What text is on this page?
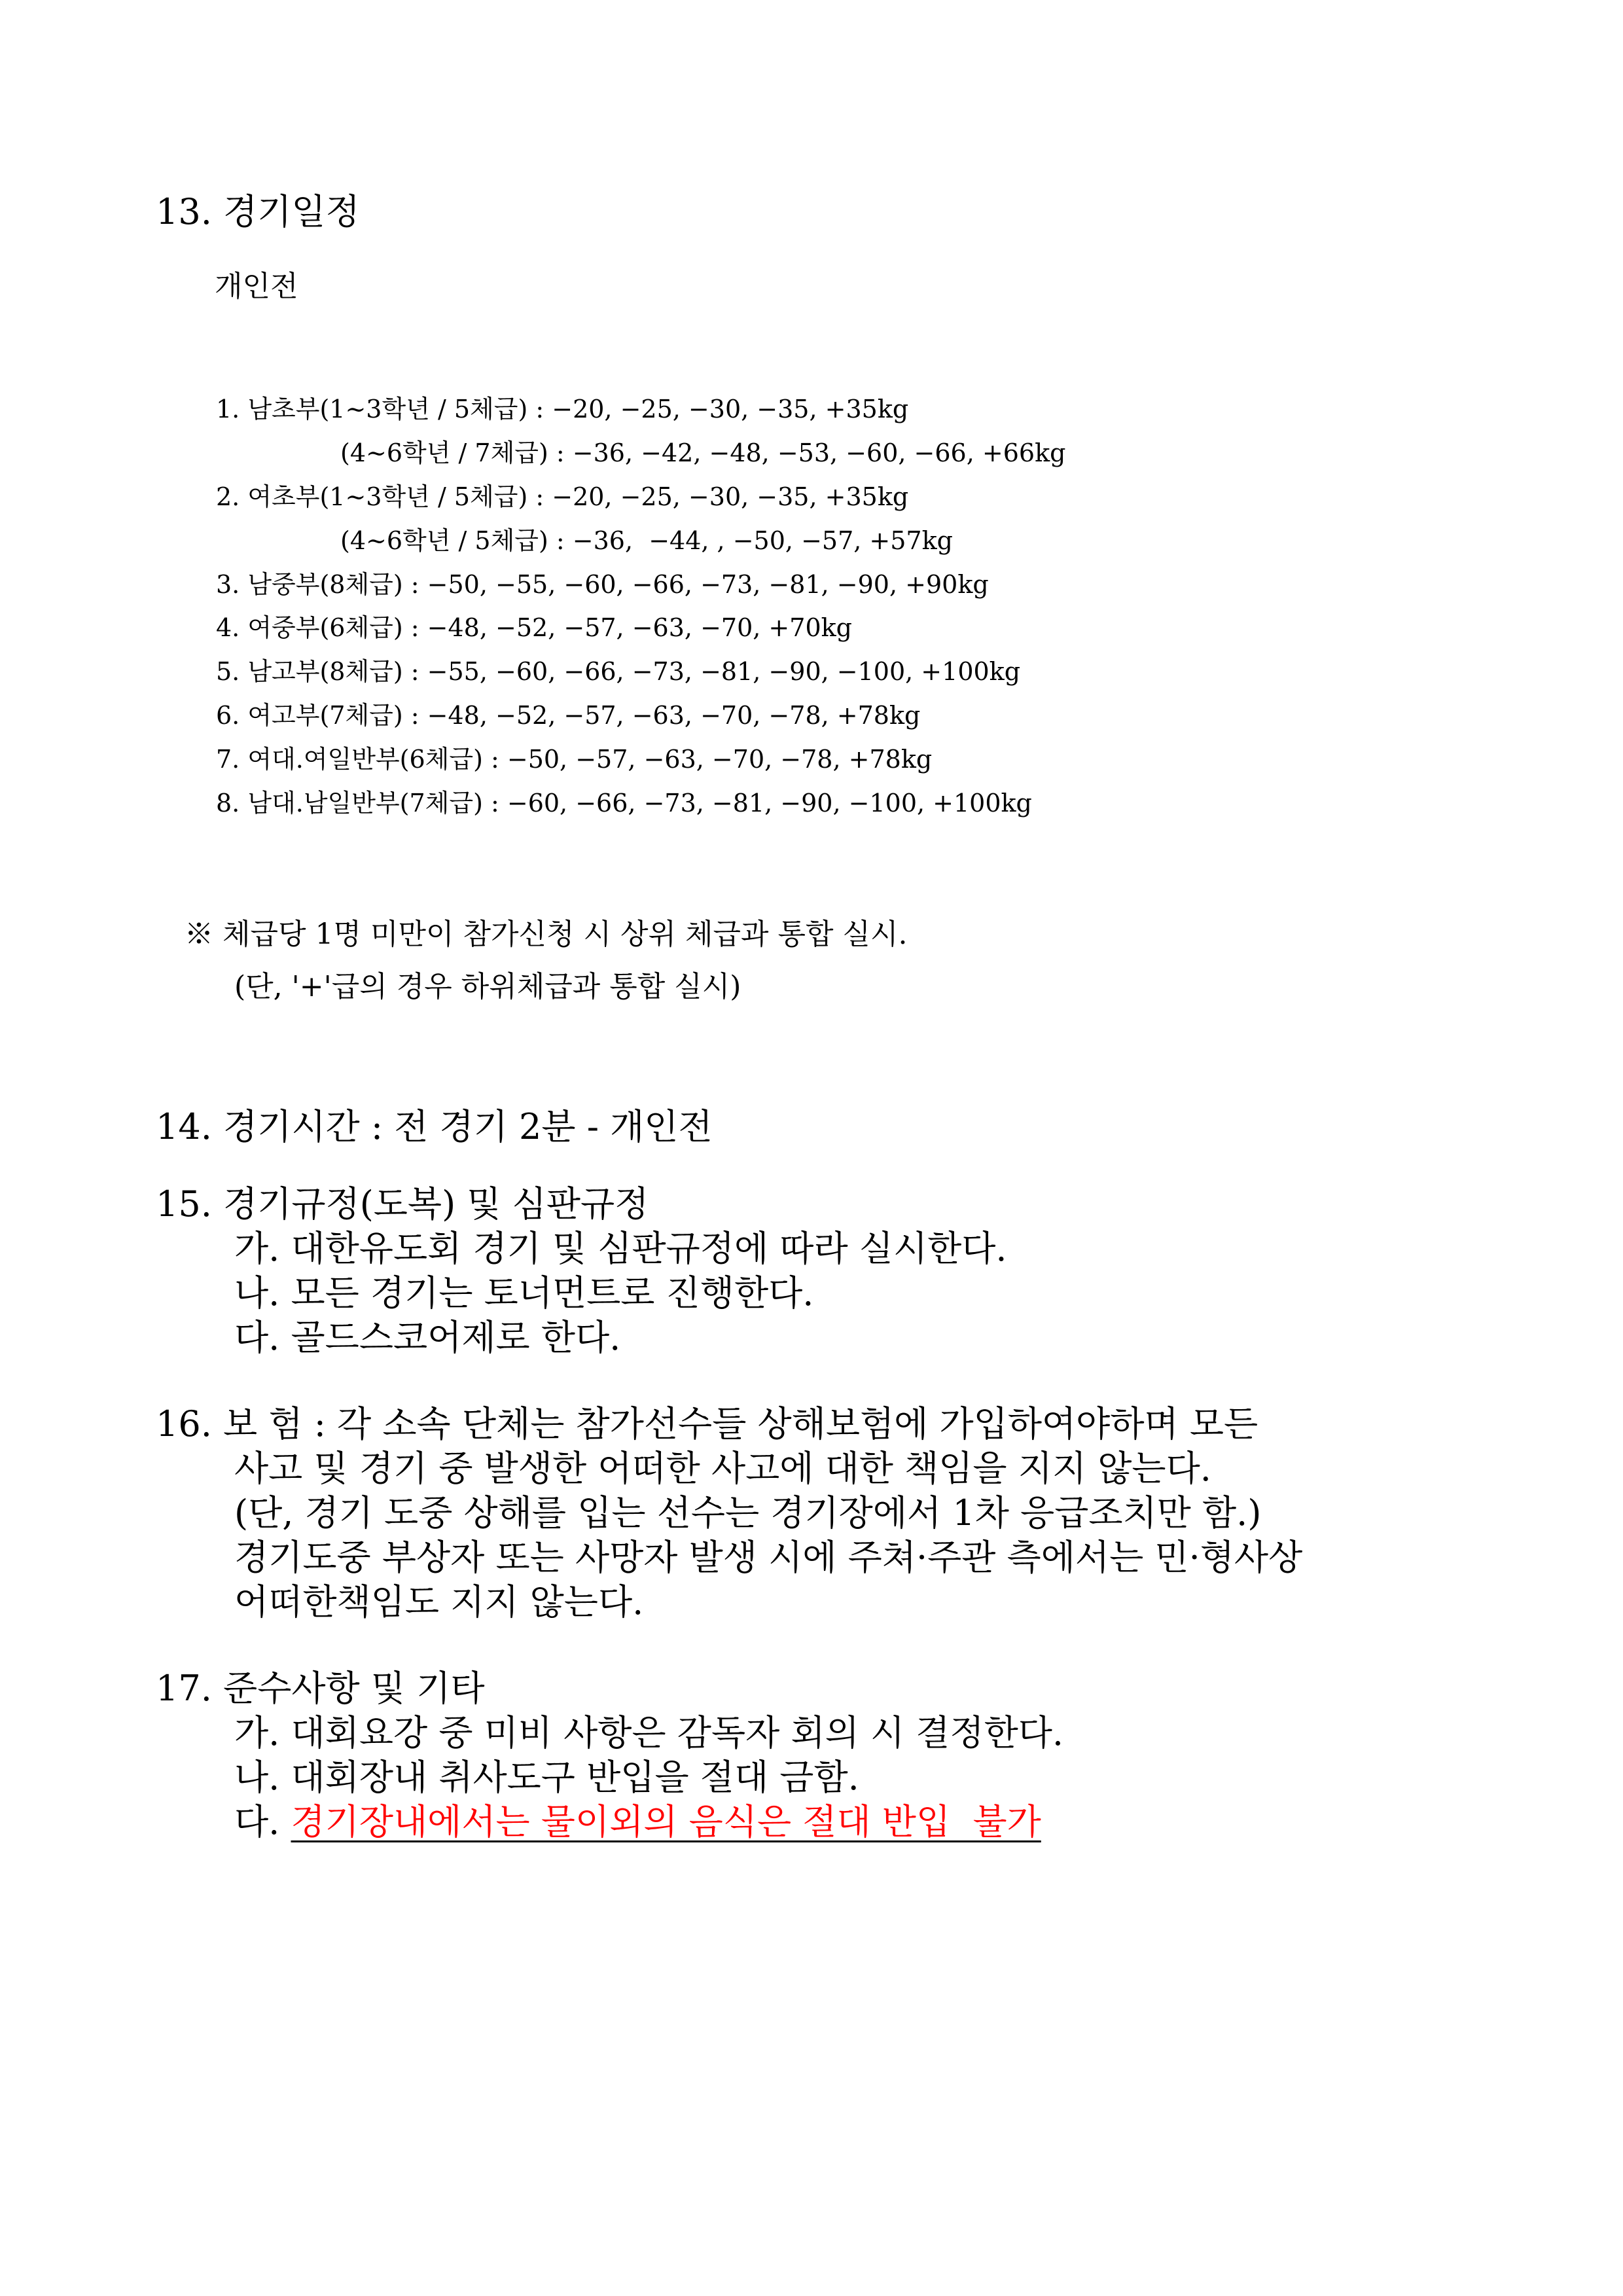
13. 경기일정
개인전
1. 남초부(1~3학년 / 5체급) : −20, −25, −30, −35, +35kg
(4~6학년 / 7체급) : −36, −42, −48, −53, −60, −66, +66kg
2. 여초부(1~3학년 / 5체급) : −20, −25, −30, −35, +35kg
(4~6학년 / 5체급) : −36,  −44, , −50, −57, +57kg
3. 남중부(8체급) : −50, −55, −60, −66, −73, −81, −90, +90kg
4. 여중부(6체급) : −48, −52, −57, −63, −70, +70kg
5. 남고부(8체급) : −55, −60, −66, −73, −81, −90, −100, +100kg
6. 여고부(7체급) : −48, −52, −57, −63, −70, −78, +78kg
7. 여대.여일반부(6체급) : −50, −57, −63, −70, −78, +78kg
8. 남대.남일반부(7체급) : −60, −66, −73, −81, −90, −100, +100kg
※ 체급당 1명 미만이 참가신청 시 상위 체급과 통합 실시.
(단, '+'급의 경우 하위체급과 통합 실시)
14. 경기시간 : 전 경기 2분 - 개인전
15. 경기규정(도복) 및 심판규정
가. 대한유도회 경기 및 심판규정에 따라 실시한다.
나. 모든 경기는 토너먼트로 진행한다.
다. 골드스코어제로 한다.
16. 보 험 : 각 소속 단체는 참가선수들 상해보험에 가입하여야하며 모든
사고 및 경기 중 발생한 어떠한 사고에 대한 책임을 지지 않는다.
(단, 경기 도중 상해를 입는 선수는 경기장에서 1차 응급조치만 함.)
경기도중 부상자 또는 사망자 발생 시에 주쳐·주관 측에서는 민·형사상
어떠한책임도 지지 않는다.
17. 준수사항 및 기타
가. 대회요강 중 미비 사항은 감독자 회의 시 결정한다.
나. 대회장내 취사도구 반입을 절대 금함.
다. 경기장내에서는 물이외의 음식은 절대 반입  불가
